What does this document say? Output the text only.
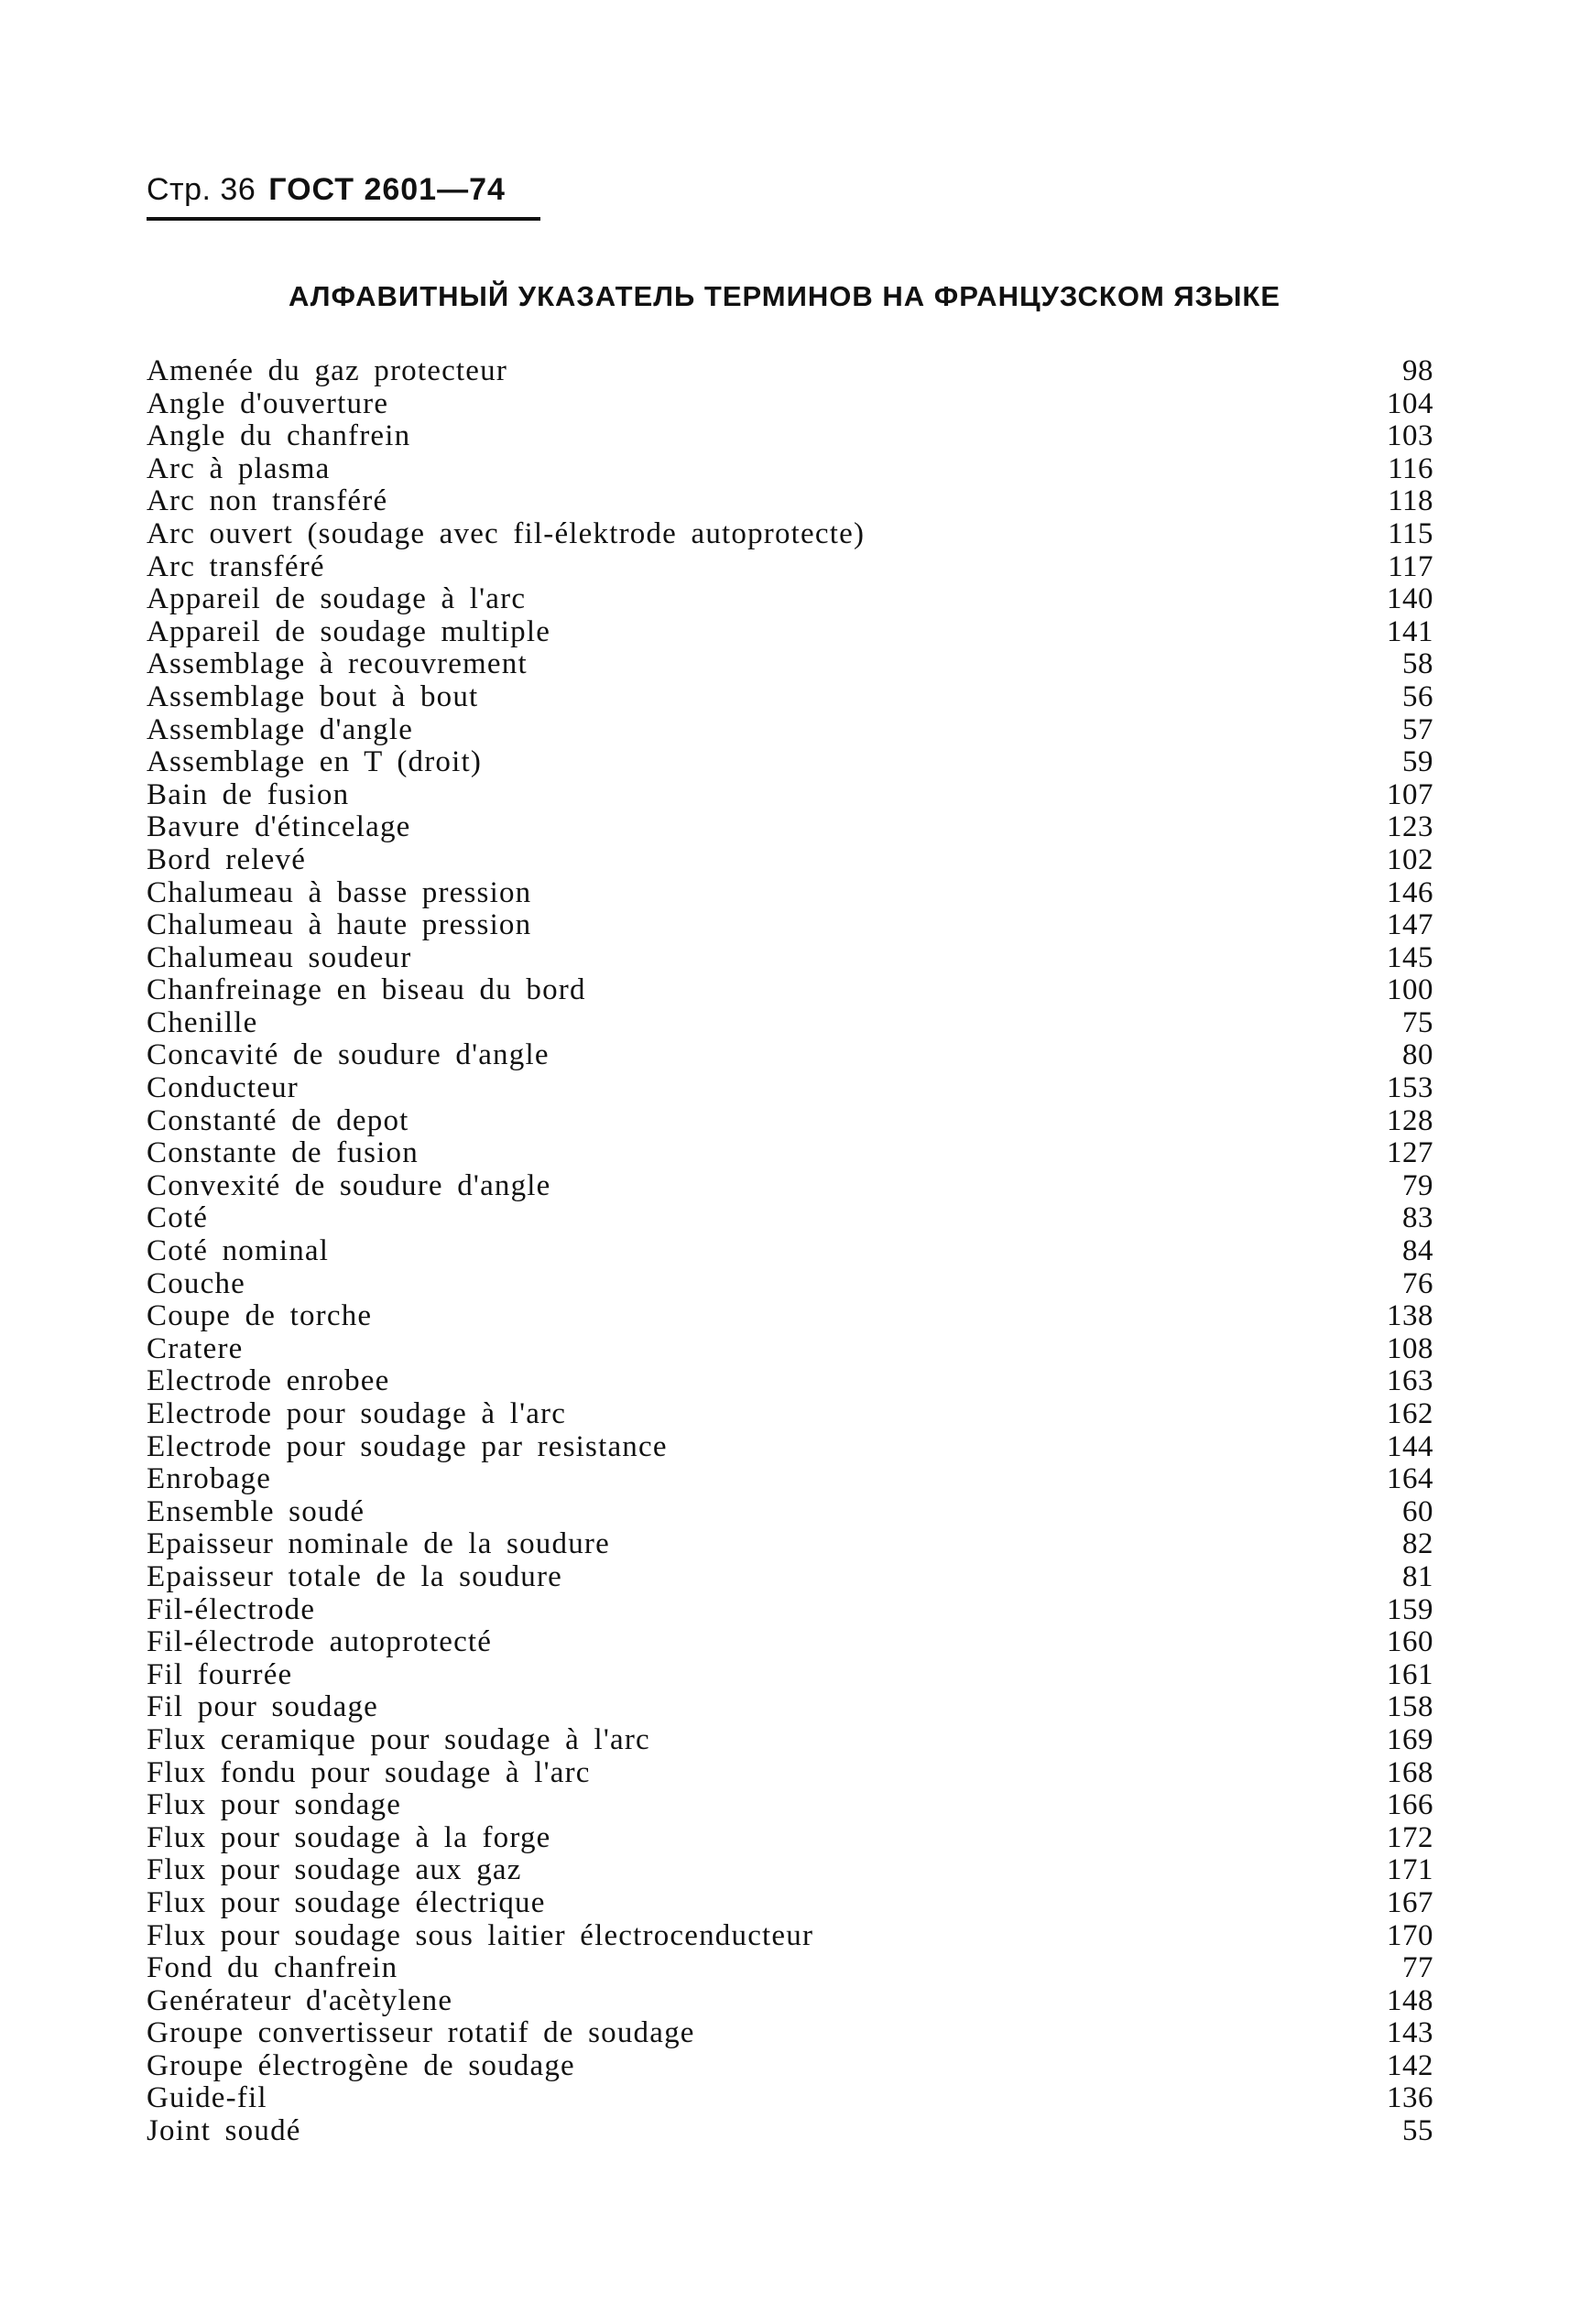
Стр. 36 ГОСТ 2601—74
АЛФАВИТНЫЙ УКАЗАТЕЛЬ ТЕРМИНОВ НА ФРАНЦУЗСКОМ ЯЗЫКЕ
Amenée du gaz protecteur	98
Angle d'ouverture	104
Angle du chanfrein	103
Arc à plasma	116
Arc non transféré	118
Arc ouvert (soudage avec fil-élektrode autoprotecte)	115
Arc transféré	117
Appareil de soudage à l'arc	140
Appareil de soudage multiple	141
Assemblage à recouvrement	58
Assemblage bout à bout	56
Assemblage d'angle	57
Assemblage en T (droit)	59
Bain de fusion	107
Bavure d'étincelage	123
Bord relevé	102
Chalumeau à basse pression	146
Chalumeau à haute pression	147
Chalumeau soudeur	145
Chanfreinage en biseau du bord	100
Chenille	75
Concavité de soudure d'angle	80
Conducteur	153
Constanté de depot	128
Constante de fusion	127
Convexité de soudure d'angle	79
Coté	83
Coté nominal	84
Couche	76
Coupe de torche	138
Cratere	108
Electrode enrobee	163
Electrode pour soudage à l'arc	162
Electrode pour soudage par resistance	144
Enrobage	164
Ensemble soudé	60
Epaisseur nominale de la soudure	82
Epaisseur totale de la soudure	81
Fil-électrode	159
Fil-électrode autoprotecté	160
Fil fourrée	161
Fil pour soudage	158
Flux ceramique pour soudage à l'arc	169
Flux fondu pour soudage à l'arc	168
Flux pour sondage	166
Flux pour soudage à la forge	172
Flux pour soudage aux gaz	171
Flux pour soudage électrique	167
Flux pour soudage sous laitier électrocenducteur	170
Fond du chanfrein	77
Genérateur d'acètylene	148
Groupe convertisseur rotatif de soudage	143
Groupe électrogène de soudage	142
Guide-fil	136
Joint soudé	55
